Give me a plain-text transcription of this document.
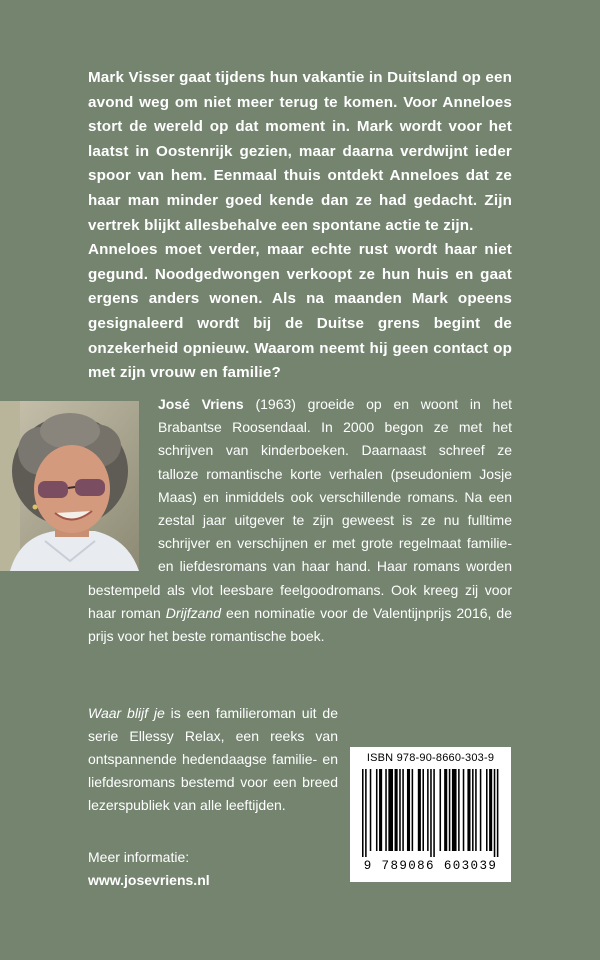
Mark Visser gaat tijdens hun vakantie in Duitsland op een avond weg om niet meer terug te komen. Voor Anneloes stort de wereld op dat moment in. Mark wordt voor het laatst in Oostenrijk gezien, maar daarna verdwijnt ieder spoor van hem. Eenmaal thuis ontdekt Anneloes dat ze haar man minder goed kende dan ze had gedacht. Zijn vertrek blijkt allesbehalve een spontane actie te zijn.

Anneloes moet verder, maar echte rust wordt haar niet gegund. Noodgedwongen verkoopt ze hun huis en gaat ergens anders wonen. Als na maanden Mark opeens gesignaleerd wordt bij de Duitse grens begint de onzekerheid opnieuw. Waarom neemt hij geen contact op met zijn vrouw en familie?

José Vriens (1963) groeide op en woont in het Brabantse Roosendaal. In 2000 begon ze met het schrijven van kinderboeken. Daarnaast schreef ze talloze romantische korte verhalen (pseudoniem Josje Maas) en inmiddels ook verschillende romans. Na een zestal jaar uitgever te zijn geweest is ze nu fulltime schrijver en verschijnen er met grote regelmaat familie- en liefdesromans van haar hand. Haar romans worden bestempeld als vlot leesbare feelgoodromans. Ook kreeg zij voor haar roman Drijfzand een nominatie voor de Valentijnprijs 2016, de prijs voor het beste romantische boek.
Waar blijf je is een familieroman uit de serie Ellessy Relax, een reeks van ontspannende hedendaagse familie- en liefdesromans bestemd voor een breed lezerspubliek van alle leeftijden.
ISBN 978-90-8660-303-9
9 789086 603039
Meer informatie:
www.josevriens.nl
